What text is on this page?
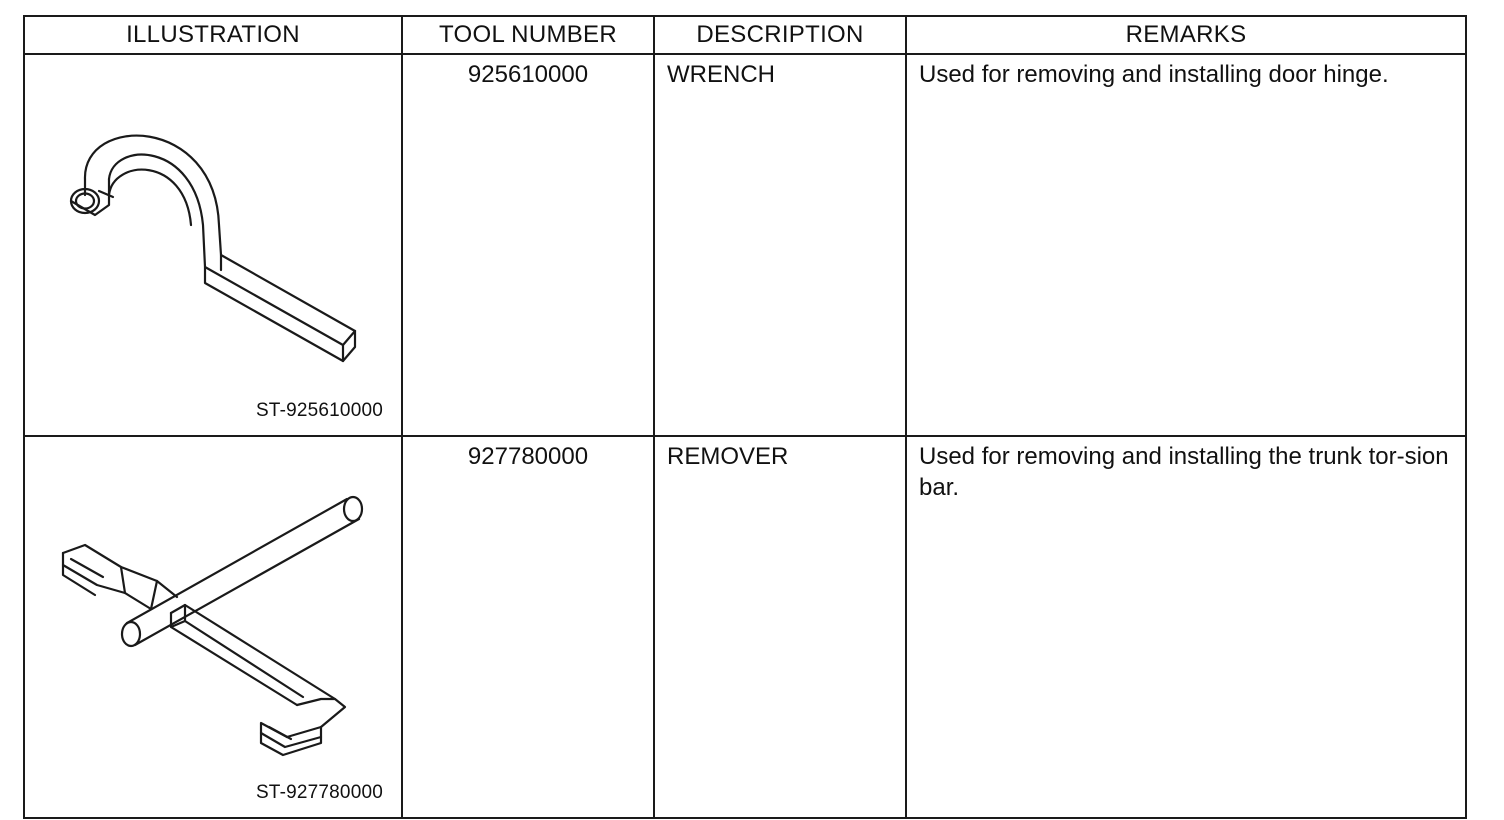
ILLUSTRATION	TOOL NUMBER	DESCRIPTION	REMARKS

ST-925610000	925610000	WRENCH	Used for removing and installing door hinge.

ST-927780000	927780000	REMOVER	Used for removing and installing the trunk tor-sion bar.
